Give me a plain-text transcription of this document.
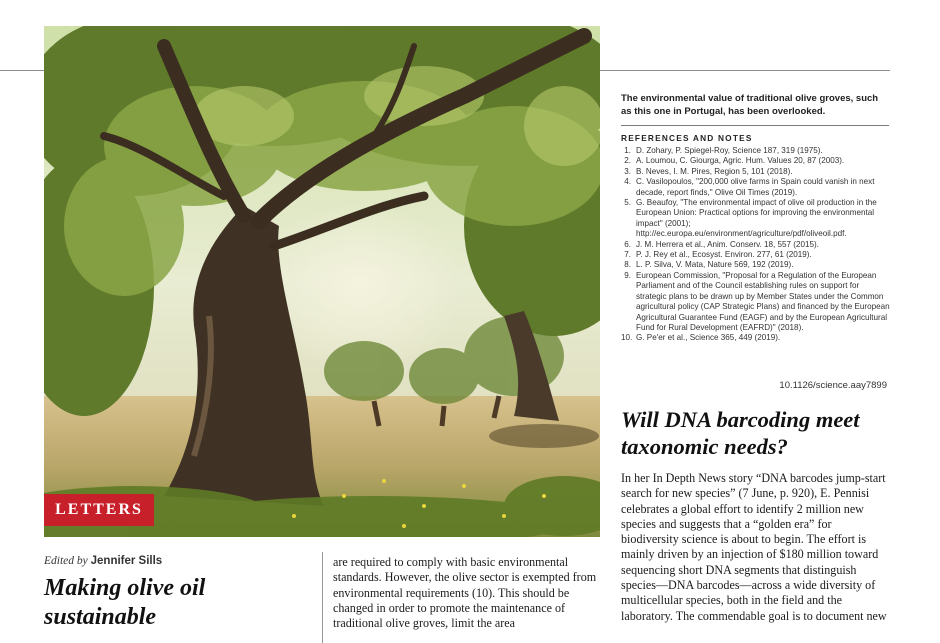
LETTERS
The environmental value of traditional olive groves, such as this one in Portugal, has been overlooked.
REFERENCES AND NOTES
1. D. Zohary, P. Spiegel-Roy, Science 187, 319 (1975).
2. A. Loumou, C. Giourga, Agric. Hum. Values 20, 87 (2003).
3. B. Neves, I. M. Pires, Region 5, 101 (2018).
4. C. Vasilopoulos, "200,000 olive farms in Spain could vanish in next decade, report finds," Olive Oil Times (2019).
5. G. Beaufoy, "The environmental impact of olive oil production in the European Union: Practical options for improving the environmental impact" (2001); http://ec.europa.eu/environment/agriculture/pdf/oliveoil.pdf.
6. J. M. Herrera et al., Anim. Conserv. 18, 557 (2015).
7. P. J. Rey et al., Ecosyst. Environ. 277, 61 (2019).
8. L. P. Silva, V. Mata, Nature 569, 192 (2019).
9. European Commission, "Proposal for a Regulation of the European Parliament and of the Council establishing rules on support for strategic plans to be drawn up by Member States under the Common agricultural policy (CAP Strategic Plans) and financed by the European Agricultural Guarantee Fund (EAGF) and by the European Agricultural Fund for Rural Development (EAFRD)" (2018).
10. G. Pe'er et al., Science 365, 449 (2019).
10.1126/science.aay7899
Will DNA barcoding meet taxonomic needs?

In her In Depth News story “DNA barcodes jump-start search for new species” (7 June, p. 920), E. Pennisi celebrates a global effort to identify 2 million new species and suggests that a “golden era” for biodiversity science is about to begin. The effort is mainly driven by an injection of $180 million toward sequencing short DNA segments that distinguish species—DNA barcodes—across a wide diversity of multicellular species, both in the field and the laboratory. The commendable goal is to document new

Edited by Jennifer Sills
Making olive oil sustainable

are required to comply with basic environmental standards. However, the olive sector is exempted from environmental requirements (10). This should be changed in order to promote the maintenance of traditional olive groves, limit the area
